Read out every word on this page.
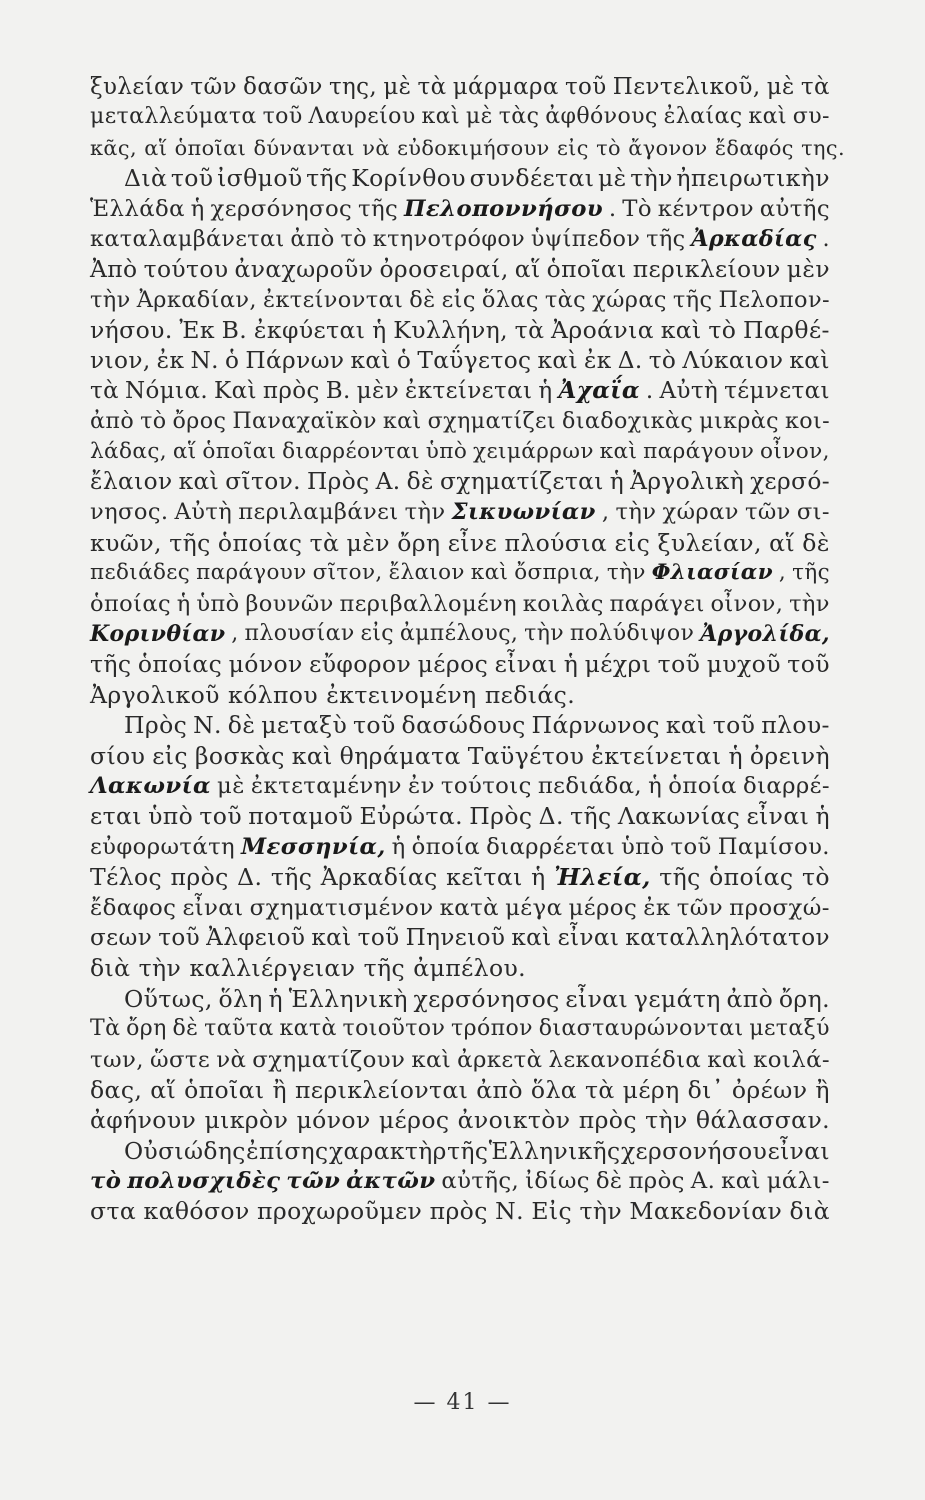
ξυλείαν τῶν δασῶν της, μὲ τὰ μάρμαρα τοῦ Πεντελικοῦ, μὲ τὰ
μεταλλεύματα τοῦ Λαυρείου καὶ μὲ τὰς ἀφθόνους ἐλαίας καὶ συ-
κᾶς, αἵ ὁποῖαι δύνανται νὰ εὐδοκιμήσουν εἰς τὸ ἄγονον ἔδαφός της.
Διὰ τοῦ ἰσθμοῦ τῆς Κορίνθου συνδέεται μὲ τὴν ἠπειρωτικὴν
Ἑλλάδα ἡ χερσόνησος τῆς Πελοποννήσου . Τὸ κέντρον αὐτῆς
καταλαμβάνεται ἀπὸ τὸ κτηνοτρόφον ὑψίπεδον τῆς Ἀρκαδίας .
Ἀπὸ τούτου ἀναχωροῦν ὀροσειραί, αἵ ὁποῖαι περικλείουν μὲν
τὴν Ἀρκαδίαν, ἐκτείνονται δὲ εἰς ὅλας τὰς χώρας τῆς Πελοπον-
νήσου. Ἐκ Β. ἐκφύεται ἡ Κυλλήνη, τὰ Ἀροάνια καὶ τὸ Παρθέ-
νιον, ἐκ Ν. ὁ Πάρνων καὶ ὁ Ταΰγετος καὶ ἐκ Δ. τὸ Λύκαιον καὶ
τὰ Νόμια. Καὶ πρὸς Β. μὲν ἐκτείνεται ἡ Ἀχαΐα . Αὐτὴ τέμνεται
ἀπὸ τὸ ὄρος Παναχαϊκὸν καὶ σχηματίζει διαδοχικὰς μικρὰς κοι-
λάδας, αἵ ὁποῖαι διαρρέονται ὑπὸ χειμάρρων καὶ παράγουν οἶνον,
ἔλαιον καὶ σῖτον. Πρὸς Α. δὲ σχηματίζεται ἡ Ἀργολικὴ χερσό-
νησος. Αὐτὴ περιλαμβάνει τὴν Σικυωνίαν , τὴν χώραν τῶν σι-
κυῶν, τῆς ὁποίας τὰ μὲν ὄρη εἶνε πλούσια εἰς ξυλείαν, αἵ δὲ
πεδιάδες παράγουν σῖτον, ἔλαιον καὶ ὄσπρια, τὴν Φλιασίαν , τῆς
ὁποίας ἡ ὑπὸ βουνῶν περιβαλλομένη κοιλὰς παράγει οἶνον, τὴν
Κορινθίαν , πλουσίαν εἰς ἀμπέλους, τὴν πολύδιψον Ἀργολίδα,
τῆς ὁποίας μόνον εὔφορον μέρος εἶναι ἡ μέχρι τοῦ μυχοῦ τοῦ
Ἀργολικοῦ κόλπου ἐκτεινομένη πεδιάς.
Πρὸς Ν. δὲ μεταξὺ τοῦ δασώδους Πάρνωνος καὶ τοῦ πλου-
σίου εἰς βοσκὰς καὶ θηράματα Ταϋγέτου ἐκτείνεται ἡ ὀρεινὴ
Λακωνία μὲ ἐκτεταμένην ἐν τούτοις πεδιάδα, ἡ ὁποία διαρρέ-
εται ὑπὸ τοῦ ποταμοῦ Εὐρώτα. Πρὸς Δ. τῆς Λακωνίας εἶναι ἡ
εὐφορωτάτη Μεσσηνία, ἡ ὁποία διαρρέεται ὑπὸ τοῦ Παμίσου.
Τέλος πρὸς Δ. τῆς Ἀρκαδίας κεῖται ἡ Ἠλεία, τῆς ὁποίας τὸ
ἔδαφος εἶναι σχηματισμένον κατὰ μέγα μέρος ἐκ τῶν προσχώ-
σεων τοῦ Ἀλφειοῦ καὶ τοῦ Πηνειοῦ καὶ εἶναι καταλληλότατον
διὰ τὴν καλλιέργειαν τῆς ἀμπέλου.
Οὕτως, ὅλη ἡ Ἑλληνικὴ χερσόνησος εἶναι γεμάτη ἀπὸ ὄρη.
Τὰ ὄρη δὲ ταῦτα κατὰ τοιοῦτον τρόπον διασταυρώνονται μεταξύ
των, ὥστε νὰ σχηματίζουν καὶ ἀρκετὰ λεκανοπέδια καὶ κοιλά-
δας, αἵ ὁποῖαι ἢ περικλείονται ἀπὸ ὅλα τὰ μέρη δι᾿ ὀρέων ἢ
ἀφήνουν μικρὸν μόνον μέρος ἀνοικτὸν πρὸς τὴν θάλασσαν.
Οὐσιώδης ἐπίσης χαρακτὴρ τῆς Ἑλληνικῆς χερσονήσου εἶναι
τὸ πολυσχιδὲς τῶν ἀκτῶν αὐτῆς, ἰδίως δὲ πρὸς Α. καὶ μάλι-
στα καθόσον προχωροῦμεν πρὸς Ν. Εἰς τὴν Μακεδονίαν διὰ
— 41 —
